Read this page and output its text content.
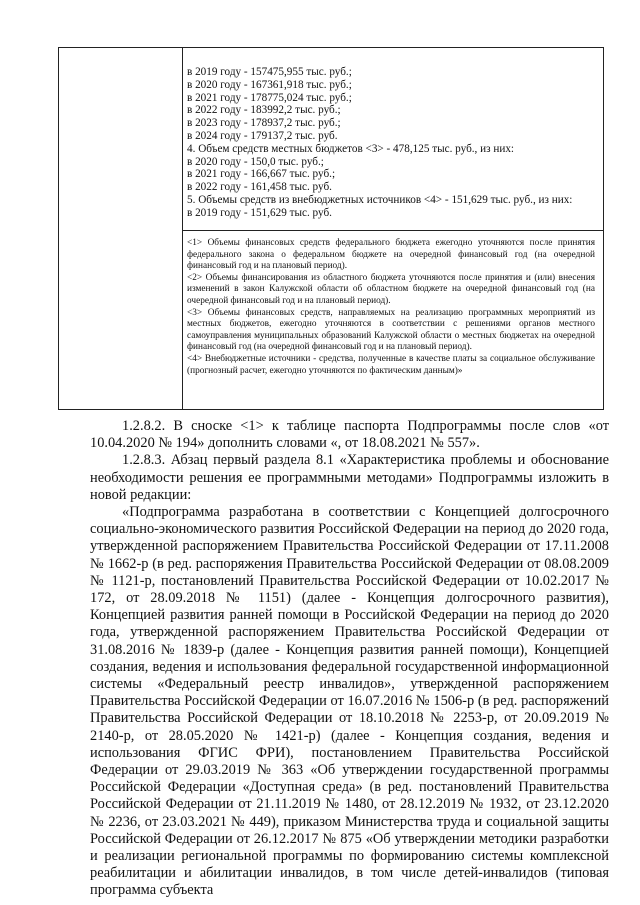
в 2019 году - 157475,955 тыс. руб.;
в 2020 году - 167361,918 тыс. руб.;
в 2021 году - 178775,024 тыс. руб.;
в 2022 году - 183992,2 тыс. руб.;
в 2023 году - 178937,2 тыс. руб.;
в 2024 году - 179137,2 тыс. руб.
4. Объем средств местных бюджетов <3> - 478,125 тыс. руб., из них:
в 2020 году - 150,0 тыс. руб.;
в 2021 году - 166,667 тыс. руб.;
в 2022 году - 161,458 тыс. руб.
5. Объемы средств из внебюджетных источников <4> - 151,629 тыс. руб., из них:
в 2019 году - 151,629 тыс. руб.

<1> Объемы финансовых средств федерального бюджета ежегодно уточняются после принятия федерального закона о федеральном бюджете на очередной финансовый год (на очередной финансовый год и на плановый период).

<2> Объемы финансирования из областного бюджета уточняются после принятия и (или) внесения изменений в закон Калужской области об областном бюджете на очередной финансовый год (на очередной финансовый год и на плановый период).

<3> Объемы финансовых средств, направляемых на реализацию программных мероприятий из местных бюджетов, ежегодно уточняются в соответствии с решениями органов местного самоуправления муниципальных образований Калужской области о местных бюджетах на очередной финансовый год (на очередной финансовый год и на плановый период).

<4> Внебюджетные источники - средства, полученные в качестве платы за социальное обслуживание (прогнозный расчет, ежегодно уточняются по фактическим данным)»

1.2.8.2. В сноске <1> к таблице паспорта Подпрограммы после слов «от 10.04.2020 № 194» дополнить словами «, от 18.08.2021 № 557».

1.2.8.3. Абзац первый раздела 8.1 «Характеристика проблемы и обоснование необходимости решения ее программными методами» Подпрограммы изложить в новой редакции:

«Подпрограмма разработана в соответствии с Концепцией долгосрочного социально-экономического развития Российской Федерации на период до 2020 года, утвержденной распоряжением Правительства Российской Федерации от 17.11.2008 № 1662-р (в ред. распоряжения Правительства Российской Федерации от 08.08.2009 № 1121-р, постановлений Правительства Российской Федерации от 10.02.2017 № 172, от 28.09.2018 № 1151) (далее - Концепция долгосрочного развития), Концепцией развития ранней помощи в Российской Федерации на период до 2020 года, утвержденной распоряжением Правительства Российской Федерации от 31.08.2016 № 1839-р (далее - Концепция развития ранней помощи), Концепцией создания, ведения и использования федеральной государственной информационной системы «Федеральный реестр инвалидов», утвержденной распоряжением Правительства Российской Федерации от 16.07.2016 № 1506-р (в ред. распоряжений Правительства Российской Федерации от 18.10.2018 № 2253-р, от 20.09.2019 № 2140-р, от 28.05.2020 № 1421-р) (далее - Концепция создания, ведения и использования ФГИС ФРИ), постановлением Правительства Российской Федерации от 29.03.2019 № 363 «Об утверждении государственной программы Российской Федерации «Доступная среда» (в ред. постановлений Правительства Российской Федерации от 21.11.2019 № 1480, от 28.12.2019 № 1932, от 23.12.2020 № 2236, от 23.03.2021 № 449), приказом Министерства труда и социальной защиты Российской Федерации от 26.12.2017 № 875 «Об утверждении методики разработки и реализации региональной программы по формированию системы комплексной реабилитации и абилитации инвалидов, в том числе детей-инвалидов (типовая программа субъекта
